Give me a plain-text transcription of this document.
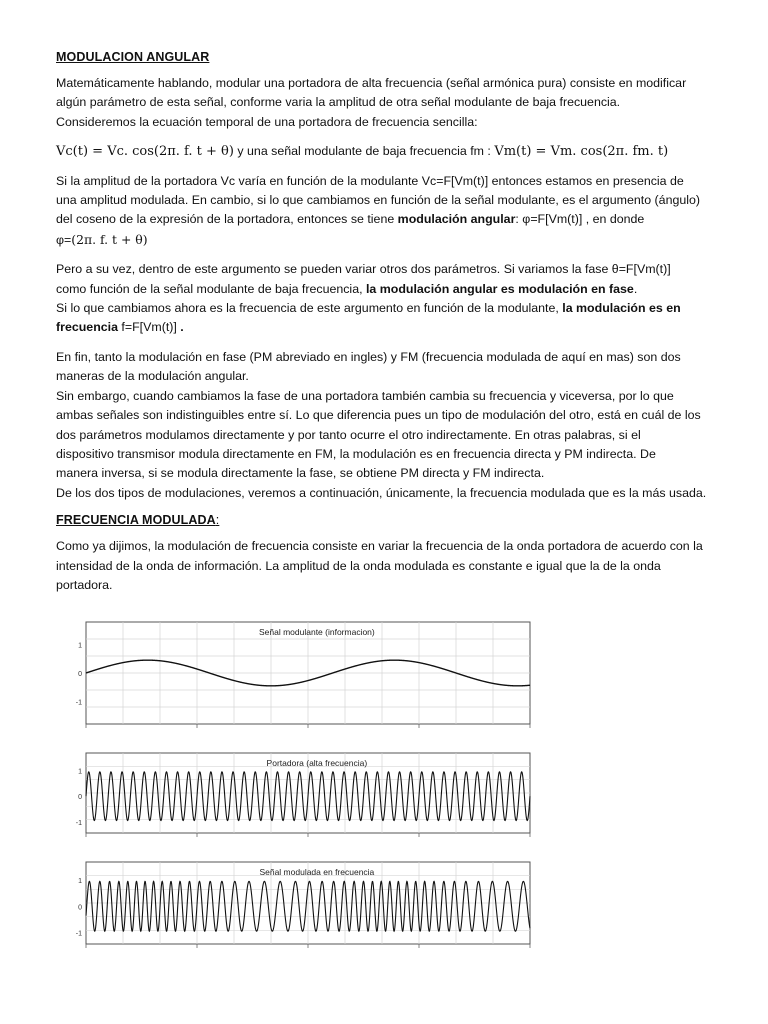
MODULACION ANGULAR

Matemáticamente hablando, modular una portadora de alta frecuencia (señal armónica pura) consiste en modificar
algún parámetro de esta señal, conforme varia la amplitud de otra señal modulante de baja frecuencia.
Consideremos la ecuación temporal de una portadora de frecuencia sencilla:

Vc(t) = Vc. cos(2π. f. t + θ) y una señal modulante de baja frecuencia fm : Vm(t) = Vm. cos(2π. fm. t)

Si la amplitud de la portadora Vc varía en función de la modulante Vc=F[Vm(t)] entonces estamos en presencia de
una amplitud modulada. En cambio, si lo que cambiamos en función de la señal modulante, es el argumento (ángulo)
del coseno de la expresión de la portadora, entonces se tiene modulación angular: φ=F[Vm(t)] , en donde
φ=(2π. f. t + θ)

Pero a su vez, dentro de este argumento se pueden variar otros dos parámetros. Si variamos la fase θ=F[Vm(t)]
como función de la señal modulante de baja frecuencia, la modulación angular es modulación en fase.
Si lo que cambiamos ahora es la frecuencia de este argumento en función de la modulante, la modulación es en
frecuencia f=F[Vm(t)] .

En fin, tanto la modulación en fase (PM abreviado en ingles) y FM (frecuencia modulada de aquí en mas) son dos
maneras de la modulación angular.
Sin embargo, cuando cambiamos la fase de una portadora también cambia su frecuencia y viceversa, por lo que
ambas señales son indistinguibles entre sí. Lo que diferencia pues un tipo de modulación del otro, está en cuál de los
dos parámetros modulamos directamente y por tanto ocurre el otro indirectamente. En otras palabras, si el
dispositivo transmisor modula directamente en FM, la modulación es en frecuencia directa y PM indirecta. De
manera inversa, si se modula directamente la fase, se obtiene PM directa y FM indirecta.
De los dos tipos de modulaciones, veremos a continuación, únicamente, la frecuencia modulada que es la más usada.

FRECUENCIA MODULADA:

Como ya dijimos, la modulación de frecuencia consiste en variar la frecuencia de la onda portadora de acuerdo con la
intensidad de la onda de información. La amplitud de la onda modulada es constante e igual que la de la onda
portadora.

Señal modulante (informacion)
1
0
-1
Portadora (alta frecuencia)
1
0
-1
Señal modulada en frecuencia
1
0
-1
